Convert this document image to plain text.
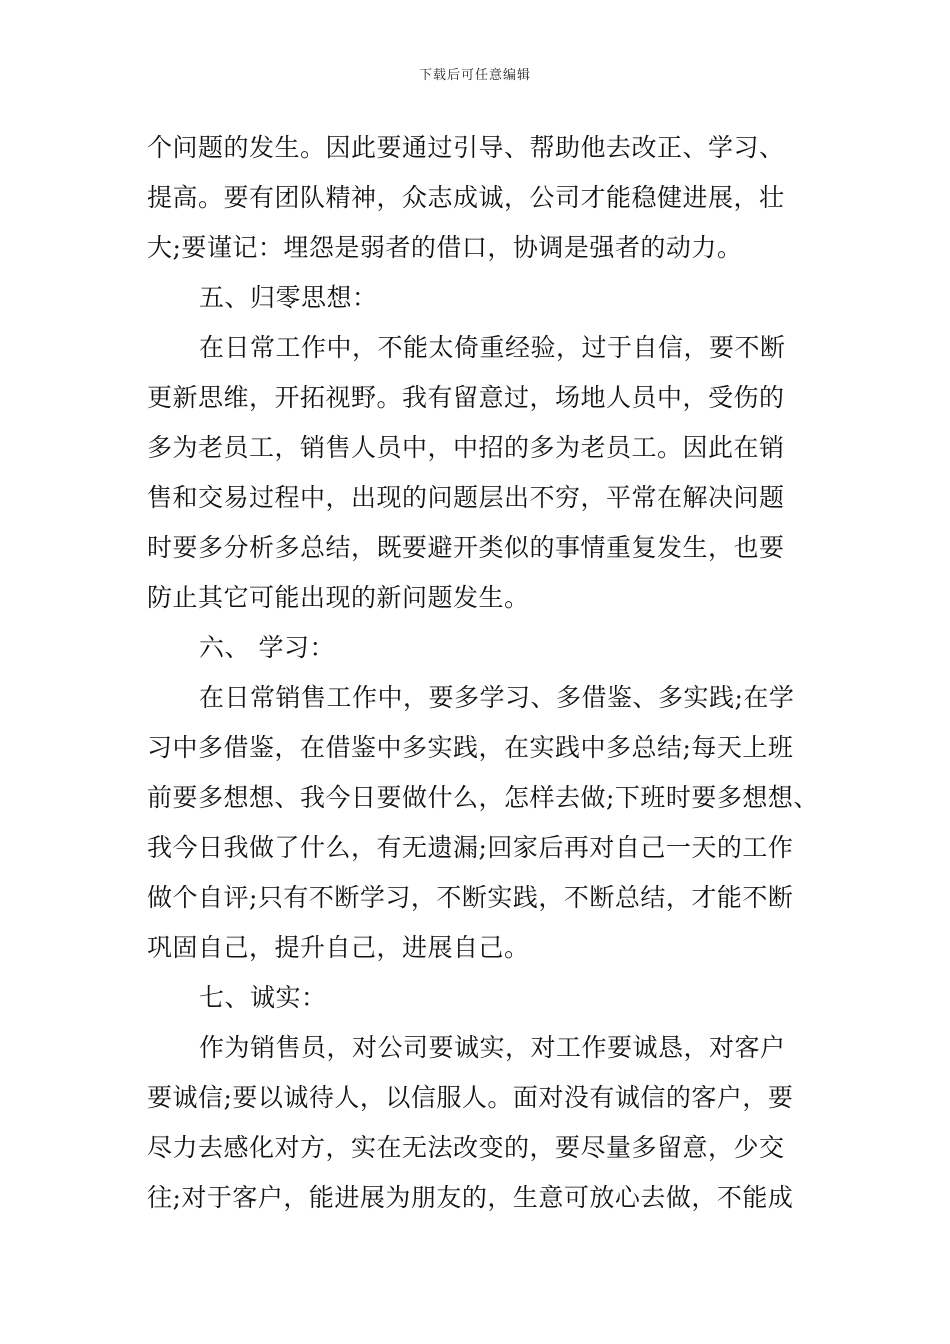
下载后可任意编辑
个问题的发生。因此要通过引导、帮助他去改正、学习、
提高。要有团队精神，众志成诚，公司才能稳健进展，壮
大;要谨记：埋怨是弱者的借口，协调是强者的动力。
五、归零思想：
在日常工作中，不能太倚重经验，过于自信，要不断
更新思维，开拓视野。我有留意过，场地人员中，受伤的
多为老员工，销售人员中，中招的多为老员工。因此在销
售和交易过程中，出现的问题层出不穷，平常在解决问题
时要多分析多总结，既要避开类似的事情重复发生，也要
防止其它可能出现的新问题发生。
六、 学习：
在日常销售工作中，要多学习、多借鉴、多实践;在学
习中多借鉴，在借鉴中多实践，在实践中多总结;每天上班
前要多想想、我今日要做什么，怎样去做;下班时要多想想、
我今日我做了什么，有无遗漏;回家后再对自己一天的工作
做个自评;只有不断学习，不断实践，不断总结，才能不断
巩固自己，提升自己，进展自己。
七、诚实：
作为销售员，对公司要诚实，对工作要诚恳，对客户
要诚信;要以诚待人，以信服人。面对没有诚信的客户，要
尽力去感化对方，实在无法改变的，要尽量多留意，少交
往;对于客户，能进展为朋友的，生意可放心去做，不能成
